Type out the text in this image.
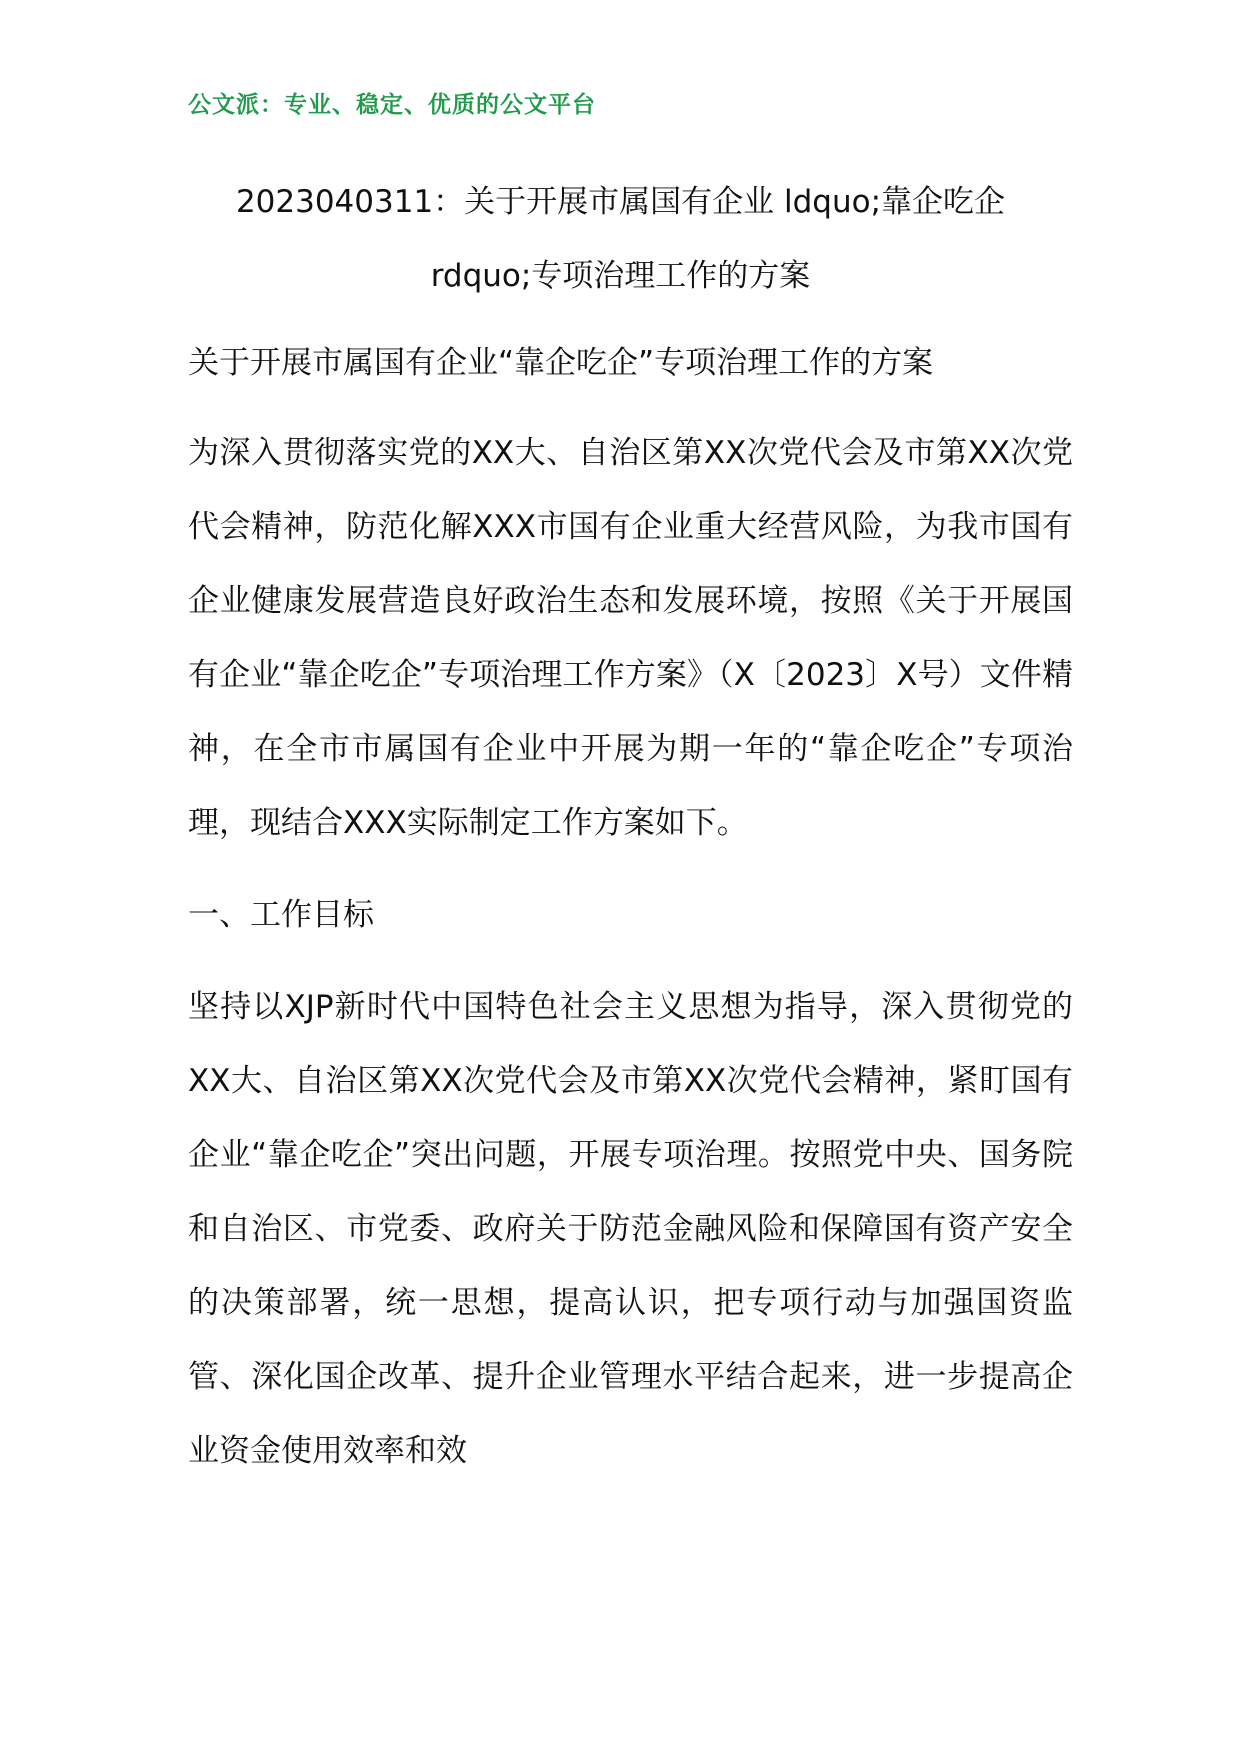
公文派：专业、稳定、优质的公文平台
2023040311：关于开展市属国有企业 ldquo;靠企吃企rdquo;专项治理工作的方案

关于开展市属国有企业“靠企吃企”专项治理工作的方案

为深入贯彻落实党的XX大、自治区第XX次党代会及市第XX次党代会精神，防范化解XXX市国有企业重大经营风险，为我市国有企业健康发展营造良好政治生态和发展环境，按照《关于开展国有企业“靠企吃企”专项治理工作方案》（X〔2023〕X号）文件精神，在全市市属国有企业中开展为期一年的“靠企吃企”专项治理，现结合XXX实际制定工作方案如下。

一、工作目标

坚持以XJP新时代中国特色社会主义思想为指导，深入贯彻党的XX大、自治区第XX次党代会及市第XX次党代会精神，紧盯国有企业“靠企吃企”突出问题，开展专项治理。按照党中央、国务院和自治区、市党委、政府关于防范金融风险和保障国有资产安全的决策部署，统一思想，提高认识，把专项行动与加强国资监管、深化国企改革、提升企业管理水平结合起来，进一步提高企业资金使用效率和效
